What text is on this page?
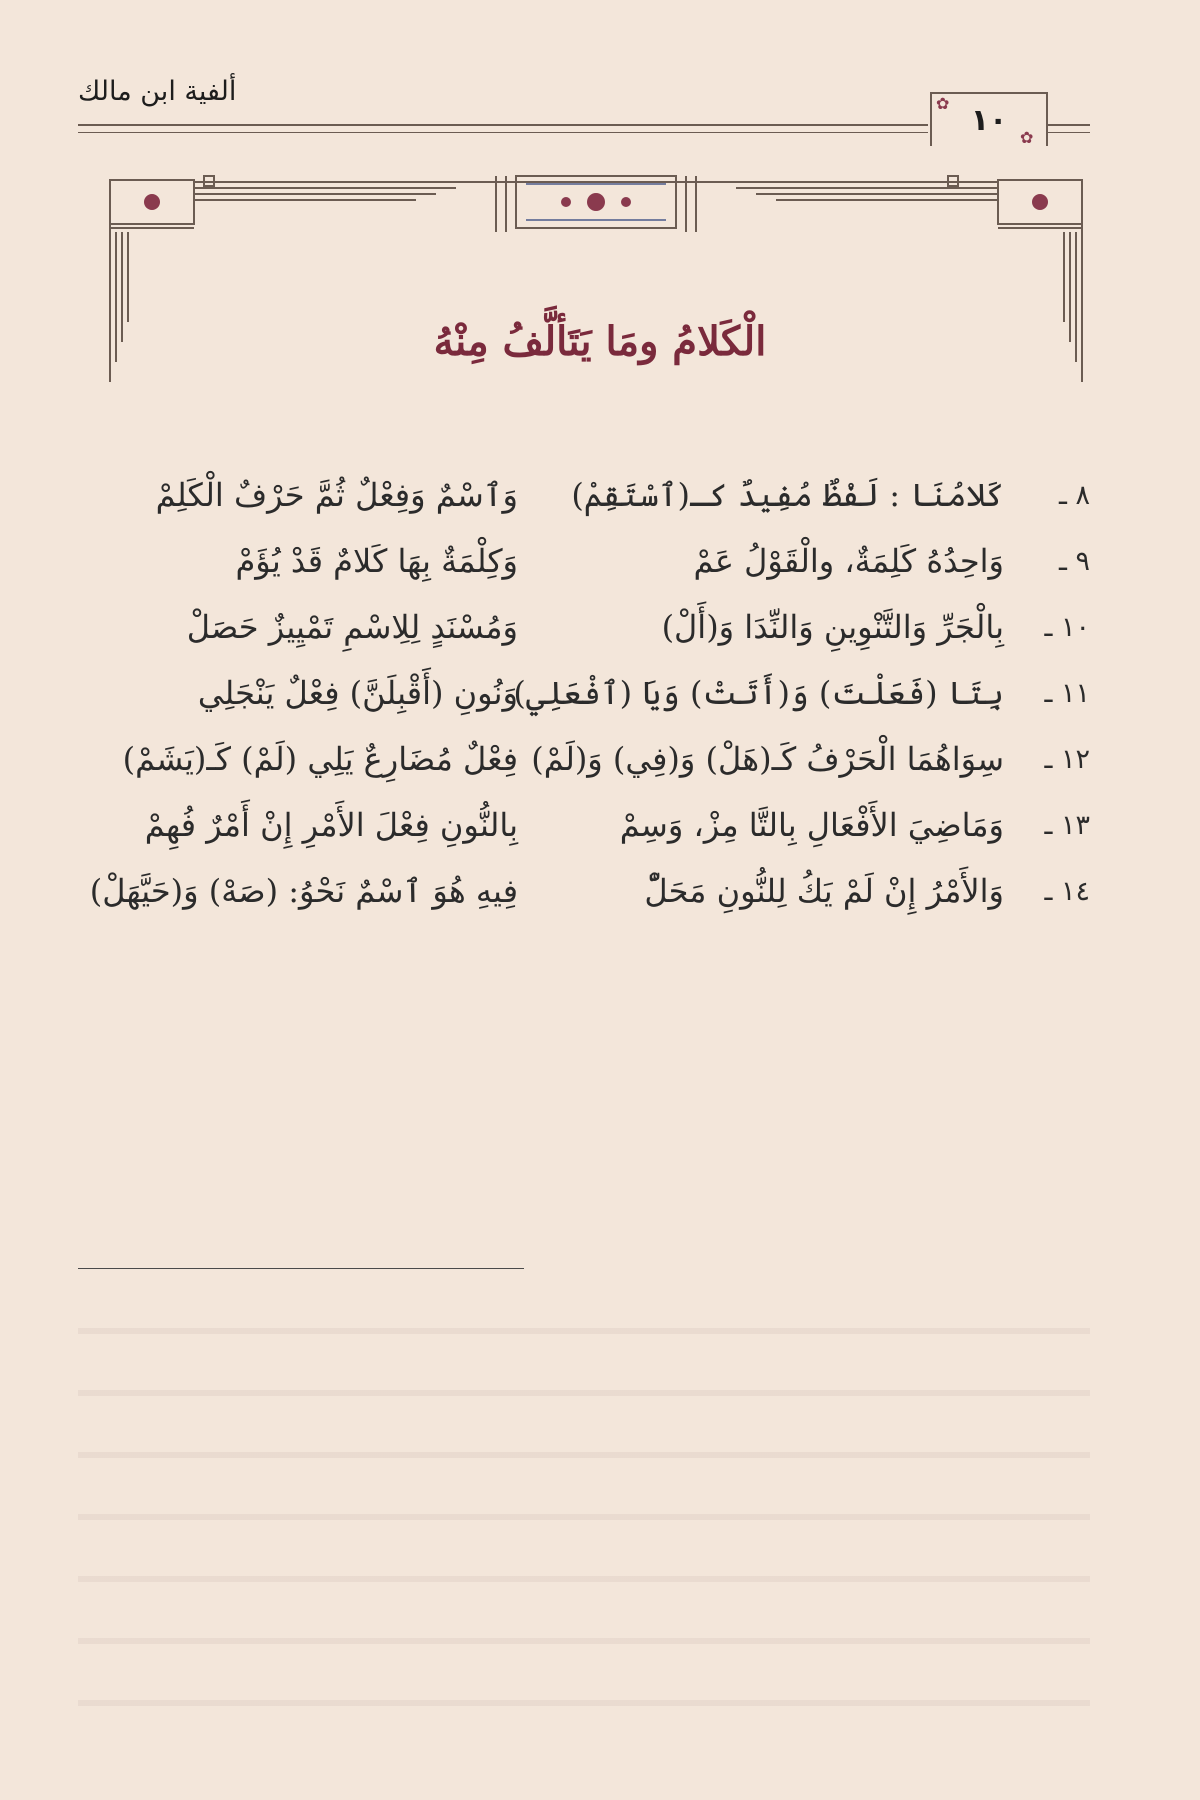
ألفية ابن مالك
١٠
✿
✿
الْكَلامُ ومَا يَتَألَّفُ مِنْهُ
٨ ـ
كَلامُنَا : لَفْظٌ مُفِيدٌ كـ(ٱسْتَقِمْ)
وَٱسْمٌ وَفِعْلٌ ثُمَّ حَرْفٌ الْكَلِمْ
٩ ـ
وَاحِدُهُ كَلِمَةٌ، والْقَوْلُ عَمْ
وَكِلْمَةٌ بِهَا كَلامٌ قَدْ يُؤَمْ
١٠ ـ
بِالْجَرِّ وَالتَّنْوِينِ وَالنِّدَا وَ(أَلْ)
وَمُسْنَدٍ لِلِاسْمِ تَمْيِيزٌ حَصَلْ
١١ ـ
بِتَا (فَعَلْتَ) وَ(أَتَتْ) وَيَا (ٱفْعَلِي)
وَنُونِ (أَقْبِلَنَّ) فِعْلٌ يَنْجَلِي
١٢ ـ
سِوَاهُمَا الْحَرْفُ كَـ(هَلْ) وَ(فِي) وَ(لَمْ)
فِعْلٌ مُضَارِعٌ يَلِي (لَمْ) كَـ(يَشَمْ)
١٣ ـ
وَمَاضِيَ الأَفْعَالِ بِالتَّا مِزْ، وَسِمْ
بِالنُّونِ فِعْلَ الأَمْرِ إِنْ أَمْرٌ فُهِمْ
١٤ ـ
وَالأَمْرُ إِنْ لَمْ يَكُ لِلنُّونِ مَحَلّْ
فِيهِ هُوَ ٱسْمٌ نَحْوُ: (صَهْ) وَ(حَيَّهَلْ)
